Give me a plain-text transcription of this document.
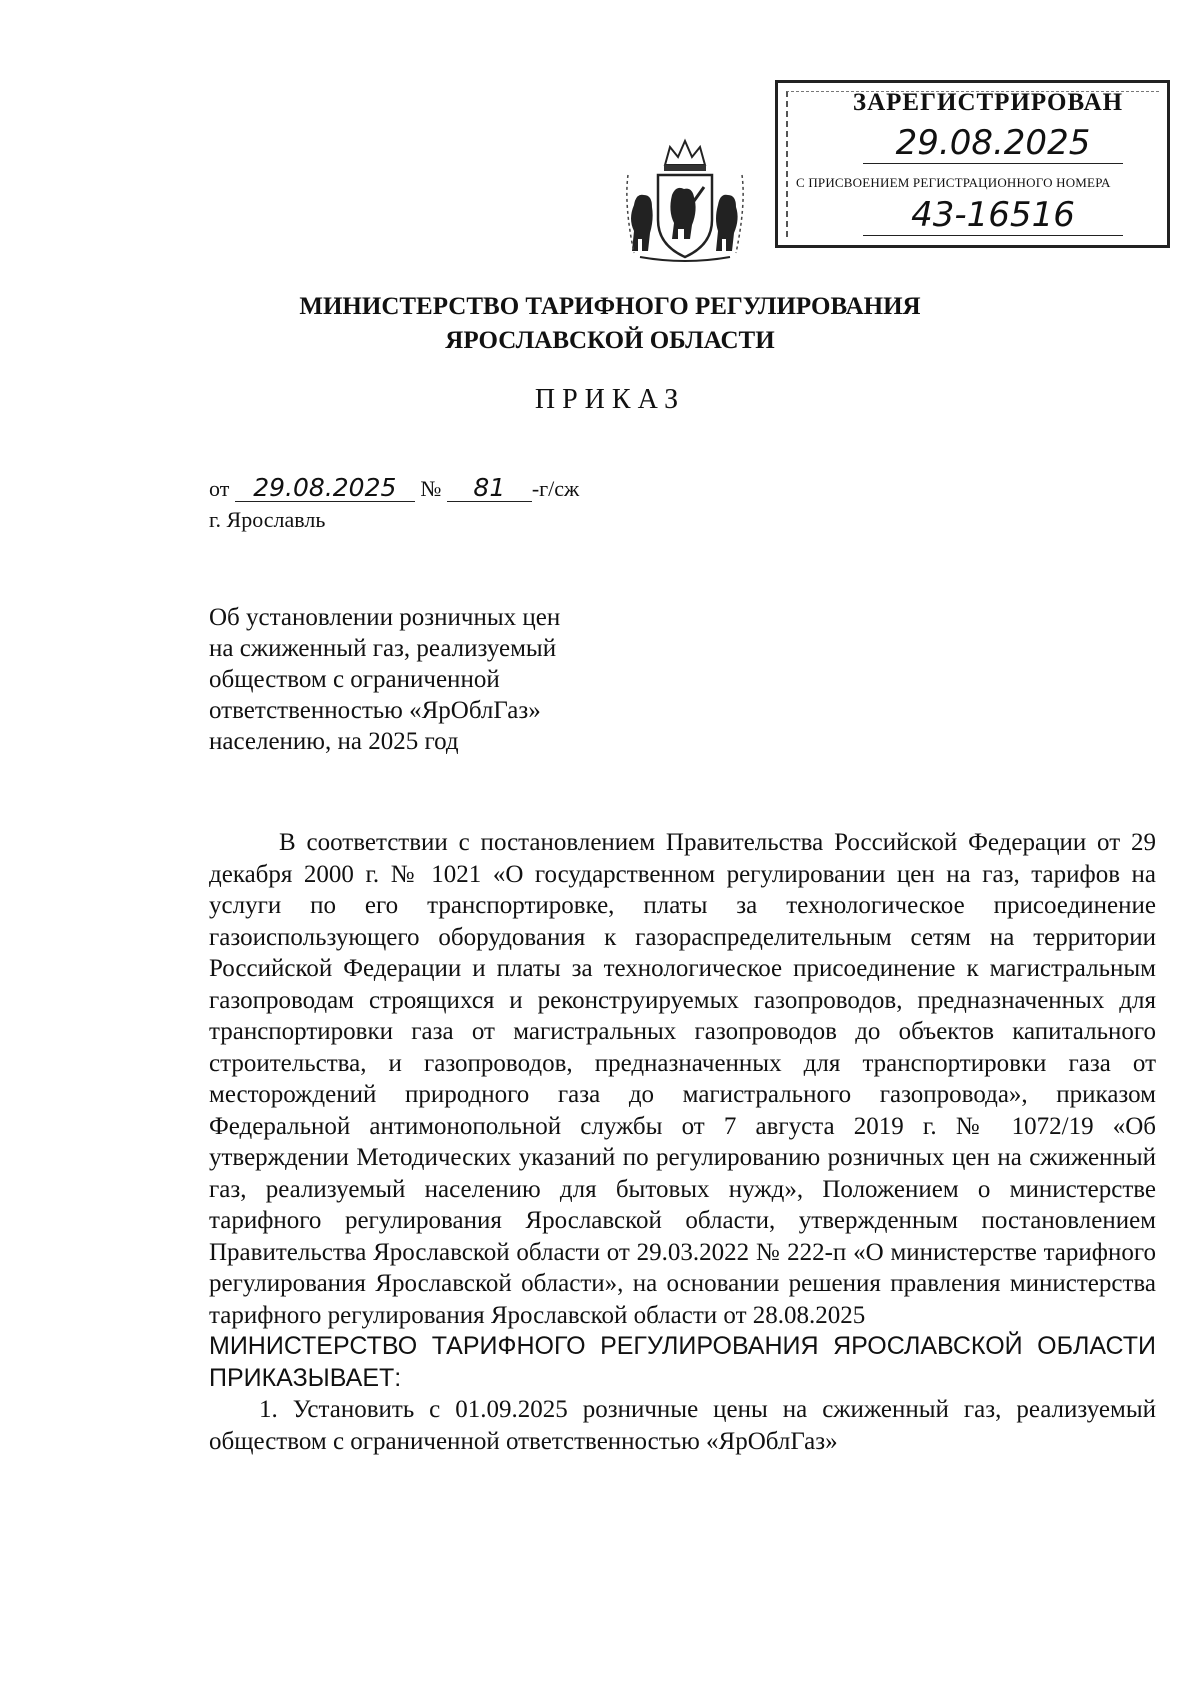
ЗАРЕГИСТРИРОВАН
29.08.2025
С ПРИСВОЕНИЕМ РЕГИСТРАЦИОННОГО НОМЕРА
43-16516
МИНИСТЕРСТВО ТАРИФНОГО РЕГУЛИРОВАНИЯ
ЯРОСЛАВСКОЙ ОБЛАСТИ
ПРИКАЗ
от 29.08.2025 № 81 -г/сж
г. Ярославль
Об установлении розничных цен
на сжиженный газ, реализуемый
обществом с ограниченной
ответственностью «ЯрОблГаз»
населению, на 2025 год

В соответствии с постановлением Правительства Российской Федерации от 29 декабря 2000 г. № 1021 «О государственном регулировании цен на газ, тарифов на услуги по его транспортировке, платы за технологическое присоединение газоиспользующего оборудования к газораспределительным сетям на территории Российской Федерации и платы за технологическое присоединение к магистральным газопроводам строящихся и реконструируемых газопроводов, предназначенных для транспортировки газа от магистральных газопроводов до объектов капитального строительства, и газопроводов, предназначенных для транспортировки газа от месторождений природного газа до магистрального газопровода», приказом Федеральной антимонопольной службы от 7 августа 2019 г. № 1072/19 «Об утверждении Методических указаний по регулированию розничных цен на сжиженный газ, реализуемый населению для бытовых нужд», Положением о министерстве тарифного регулирования Ярославской области, утвержденным постановлением Правительства Ярославской области от 29.03.2022 № 222-п «О министерстве тарифного регулирования Ярославской области», на основании решения правления министерства тарифного регулирования Ярославской области от 28.08.2025

МИНИСТЕРСТВО ТАРИФНОГО РЕГУЛИРОВАНИЯ ЯРОСЛАВСКОЙ ОБЛАСТИ ПРИКАЗЫВАЕТ:

1. Установить с 01.09.2025 розничные цены на сжиженный газ, реализуемый обществом с ограниченной ответственностью «ЯрОблГаз»
